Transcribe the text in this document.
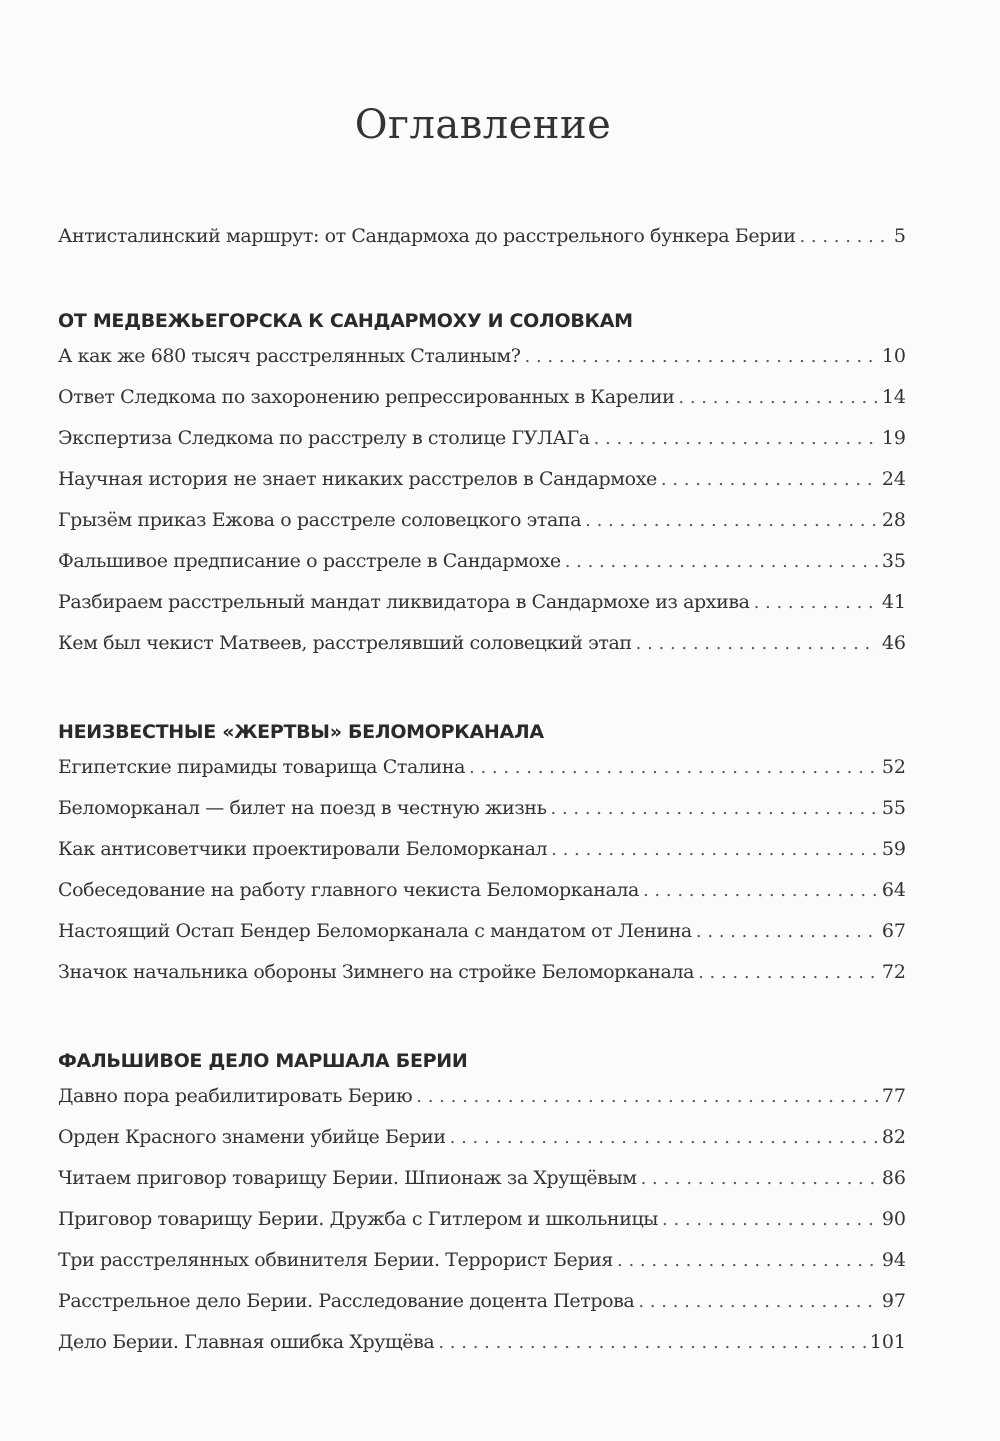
Оглавление
Антисталинский маршрут: от Сандармоха до расстрельного бункера Берии . . .	5
ОТ МЕДВЕЖЬЕГОРСКА К САНДАРМОХУ И СОЛОВКАМ
А как же 680 тысяч расстрелянных Сталиным? . . .	10
Ответ Следкома по захоронению репрессированных в Карелии . . .	14
Экспертиза Следкома по расстрелу в столице ГУЛАГа . . .	19
Научная история не знает никаких расстрелов в Сандармохе . . .	24
Грызём приказ Ежова о расстреле соловецкого этапа . . .	28
Фальшивое предписание о расстреле в Сандармохе . . .	35
Разбираем расстрельный мандат ликвидатора в Сандармохе из архива . . .	41
Кем был чекист Матвеев, расстрелявший соловецкий этап . . .	46
НЕИЗВЕСТНЫЕ «ЖЕРТВЫ» БЕЛОМОРКАНАЛА
Египетские пирамиды товарища Сталина . . .	52
Беломорканал — билет на поезд в честную жизнь . . .	55
Как антисоветчики проектировали Беломорканал . . .	59
Собеседование на работу главного чекиста Беломорканала . . .	64
Настоящий Остап Бендер Беломорканала с мандатом от Ленина . . .	67
Значок начальника обороны Зимнего на стройке Беломорканала . . .	72
ФАЛЬШИВОЕ ДЕЛО МАРШАЛА БЕРИИ
Давно пора реабилитировать Берию . . .	77
Орден Красного знамени убийце Берии . . .	82
Читаем приговор товарищу Берии. Шпионаж за Хрущёвым . . .	86
Приговор товарищу Берии. Дружба с Гитлером и школьницы . . .	90
Три расстрелянных обвинителя Берии. Террорист Берия . . .	94
Расстрельное дело Берии. Расследование доцента Петрова . . .	97
Дело Берии. Главная ошибка Хрущёва . . .	101
